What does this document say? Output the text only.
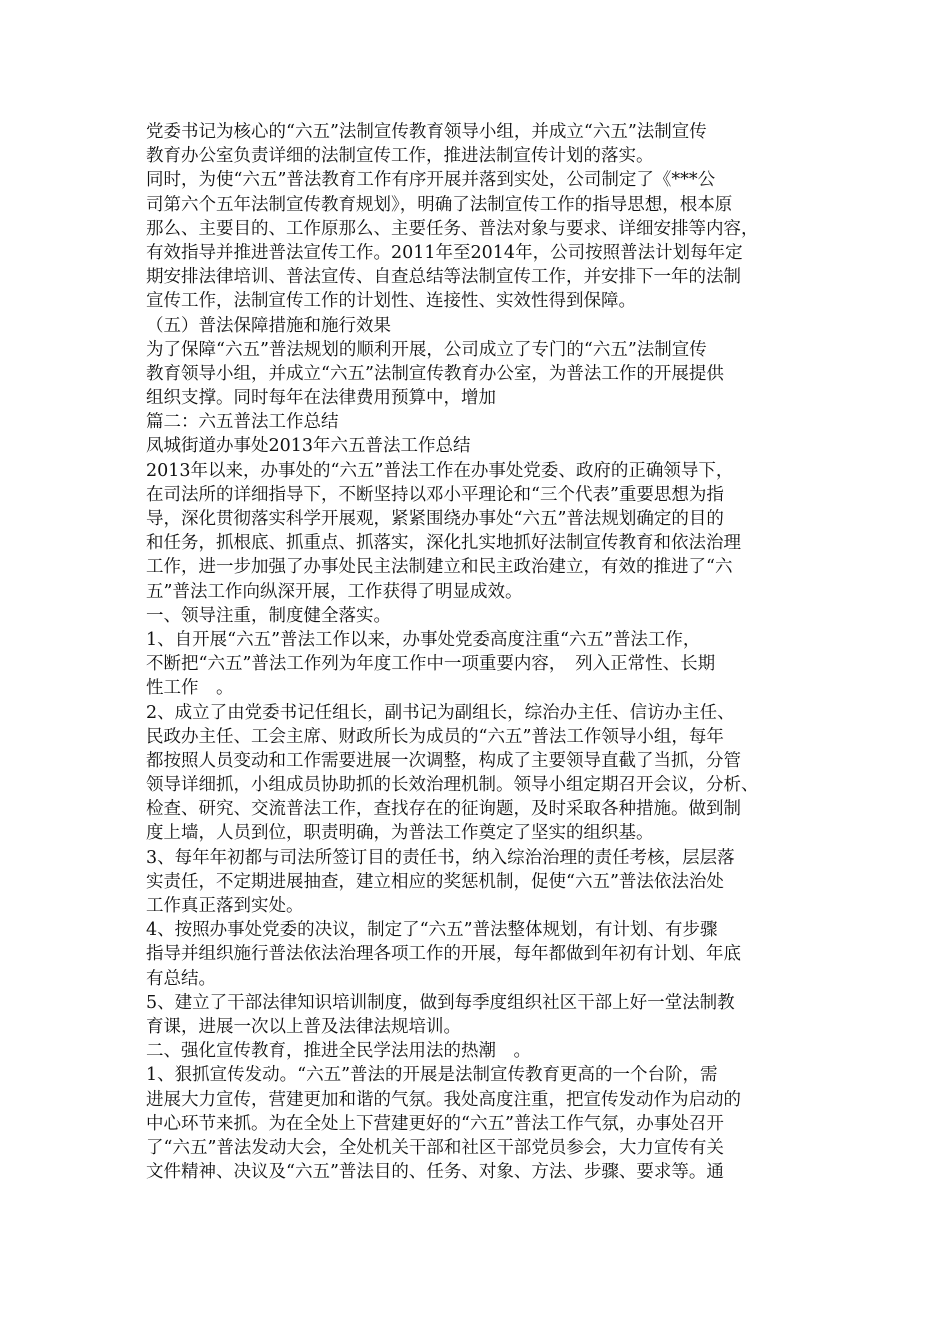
党委书记为核心的“六五”法制宣传教育领导小组，并成立“六五”法制宣传
教育办公室负责详细的法制宣传工作，推进法制宣传计划的落实。
同时，为使“六五”普法教育工作有序开展并落到实处，公司制定了《***公
司第六个五年法制宣传教育规划》，明确了法制宣传工作的指导思想，根本原
那么、主要目的、工作原那么、主要任务、普法对象与要求、详细安排等内容，
有效指导并推进普法宣传工作。2011年至2014年，公司按照普法计划每年定
期安排法律培训、普法宣传、自查总结等法制宣传工作，并安排下一年的法制
宣传工作，法制宣传工作的计划性、连接性、实效性得到保障。
（五）普法保障措施和施行效果
为了保障“六五”普法规划的顺利开展，公司成立了专门的“六五”法制宣传
教育领导小组，并成立“六五”法制宣传教育办公室，为普法工作的开展提供
组织支撑。同时每年在法律费用预算中，增加
篇二：六五普法工作总结
凤城街道办事处2013年六五普法工作总结
2013年以来，办事处的“六五”普法工作在办事处党委、政府的正确领导下，
在司法所的详细指导下，不断坚持以邓小平理论和“三个代表”重要思想为指
导，深化贯彻落实科学开展观，紧紧围绕办事处“六五”普法规划确定的目的
和任务，抓根底、抓重点、抓落实，深化扎实地抓好法制宣传教育和依法治理
工作，进一步加强了办事处民主法制建立和民主政治建立，有效的推进了“六
五”普法工作向纵深开展，工作获得了明显成效。
一、领导注重，制度健全落实。
1、自开展“六五”普法工作以来，办事处党委高度注重“六五”普法工作，
不断把“六五”普法工作列为年度工作中一项重要内容，　列入正常性、长期
性工作　。
2、成立了由党委书记任组长，副书记为副组长，综治办主任、信访办主任、
民政办主任、工会主席、财政所长为成员的“六五”普法工作领导小组，每年
都按照人员变动和工作需要进展一次调整，构成了主要领导直截了当抓，分管
领导详细抓，小组成员协助抓的长效治理机制。领导小组定期召开会议，分析、
检查、研究、交流普法工作，查找存在的征询题，及时采取各种措施。做到制
度上墙，人员到位，职责明确，为普法工作奠定了坚实的组织基。
3、每年年初都与司法所签订目的责任书，纳入综治治理的责任考核，层层落
实责任，不定期进展抽查，建立相应的奖惩机制，促使“六五”普法依法治处
工作真正落到实处。
4、按照办事处党委的决议，制定了“六五”普法整体规划，有计划、有步骤
指导并组织施行普法依法治理各项工作的开展，每年都做到年初有计划、年底
有总结。
5、建立了干部法律知识培训制度，做到每季度组织社区干部上好一堂法制教
育课，进展一次以上普及法律法规培训。
二、强化宣传教育，推进全民学法用法的热潮　。
1、狠抓宣传发动。“六五”普法的开展是法制宣传教育更高的一个台阶，需
进展大力宣传，营建更加和谐的气氛。我处高度注重，把宣传发动作为启动的
中心环节来抓。为在全处上下营建更好的“六五”普法工作气氛，办事处召开
了“六五”普法发动大会，全处机关干部和社区干部党员参会，大力宣传有关
文件精神、决议及“六五”普法目的、任务、对象、方法、步骤、要求等。通
